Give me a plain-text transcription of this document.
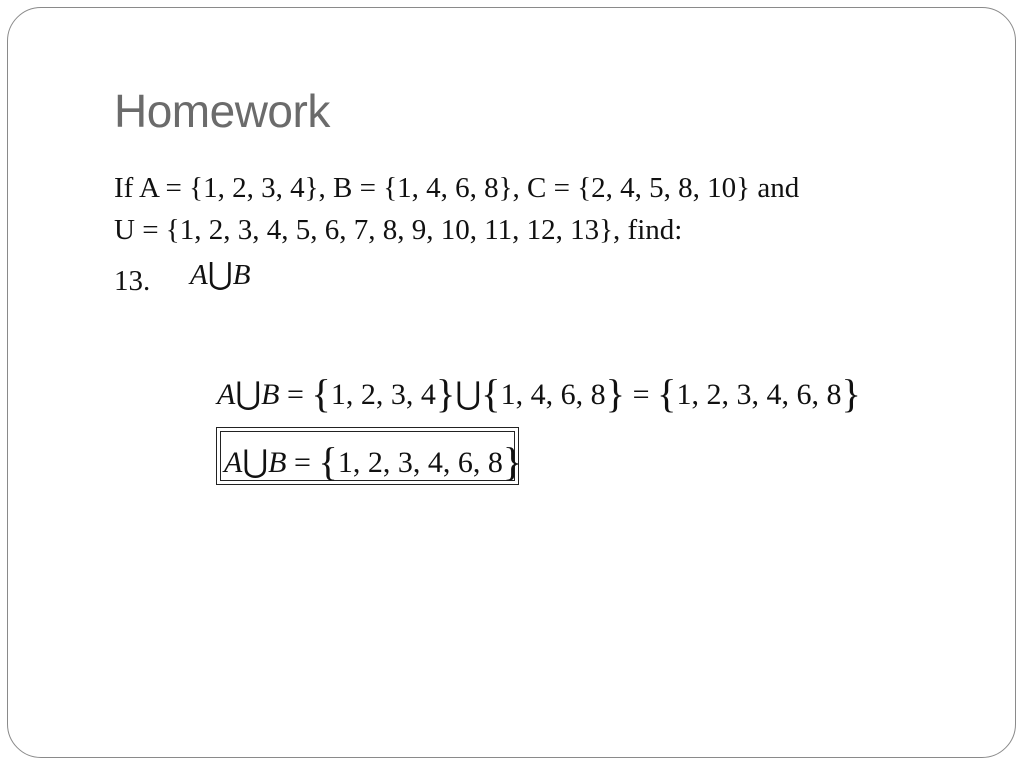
Homework
If A = {1, 2, 3, 4}, B = {1, 4, 6, 8}, C = {2, 4, 5, 8, 10} and
U = {1, 2, 3, 4, 5, 6, 7, 8, 9, 10, 11, 12, 13}, find:
13. A⋃B
A⋃B = {1, 2, 3, 4}⋃{1, 4, 6, 8} = {1, 2, 3, 4, 6, 8}
A⋃B = {1, 2, 3, 4, 6, 8}
